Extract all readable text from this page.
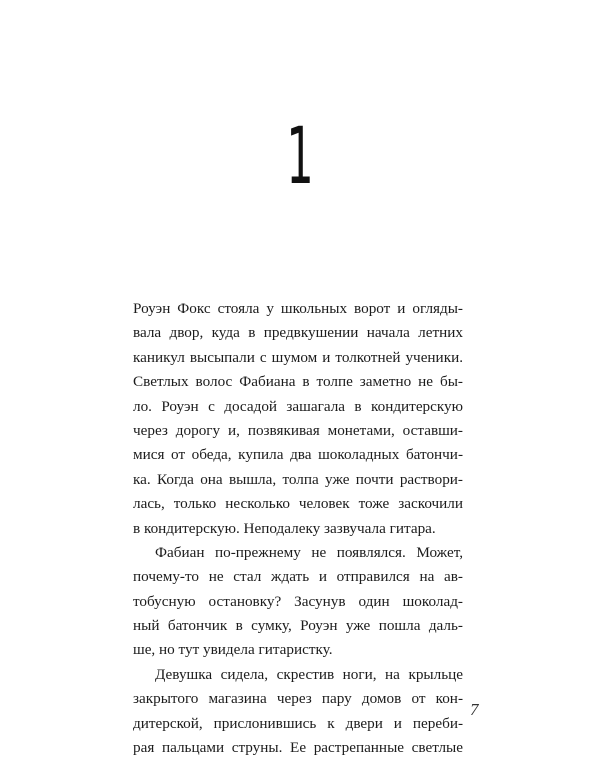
1
Роуэн Фокс стояла у школьных ворот и огляды-
вала двор, куда в предвкушении начала летних
каникул высыпали с шумом и толкотней ученики.
Светлых волос Фабиана в толпе заметно не бы-
ло. Роуэн с досадой зашагала в кондитерскую
через дорогу и, позвякивая монетами, оставши-
мися от обеда, купила два шоколадных батончи-
ка. Когда она вышла, толпа уже почти раствори-
лась, только несколько человек тоже заскочили
в кондитерскую. Неподалеку зазвучала гитара.
Фабиан по-прежнему не появлялся. Может,
почему-то не стал ждать и отправился на ав-
тобусную остановку? Засунув один шоколад-
ный батончик в сумку, Роуэн уже пошла даль-
ше, но тут увидела гитаристку.
Девушка сидела, скрестив ноги, на крыльце
закрытого магазина через пару домов от кон-
дитерской, прислонившись к двери и переби-
рая пальцами струны. Ее растрепанные светлые
7
